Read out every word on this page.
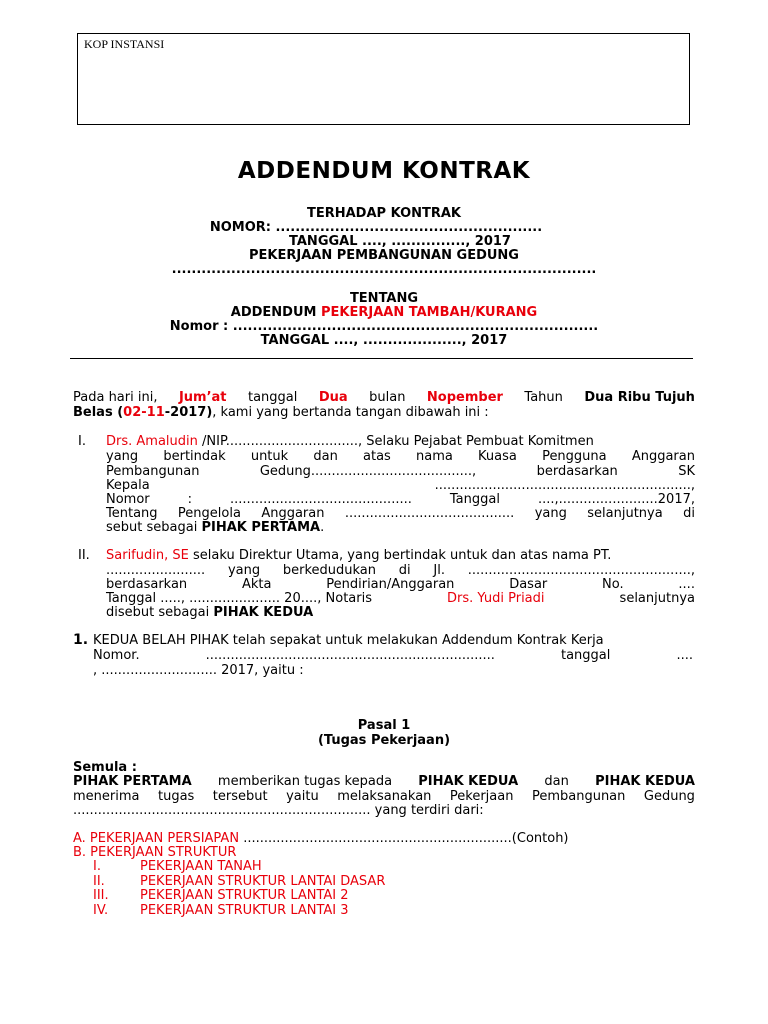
KOP INSTANSI
ADDENDUM KONTRAK
TERHADAP KONTRAK
NOMOR: ......................................................
TANGGAL ...., ..............., 2017
PEKERJAAN PEMBANGUNAN GEDUNG
......................................................................................
TENTANG
ADDENDUM PEKERJAAN TAMBAH/KURANG
Nomor : ..........................................................................
TANGGAL ...., ...................., 2017
Pada hari ini, Jum’at tanggal Dua bulan Nopember Tahun Dua Ribu Tujuh
Belas (02-11-2017), kami yang bertanda tangan dibawah ini :
I. Drs. Amaludin /NIP................................, Selaku Pejabat Pembuat Komitmen
yang bertindak untuk dan atas nama Kuasa Pengguna Anggaran
Pembangunan	Gedung.......................................,	berdasarkan	SK
Kepala	..............................................................,
Nomor	:	............................................	Tanggal	....,........................2017,
Tentang Pengelola Anggaran ......................................... yang selanjutnya di
sebut sebagai PIHAK PERTAMA.
II. Sarifudin, SE selaku Direktur Utama, yang bertindak untuk dan atas nama PT.
........................ yang berkedudukan di Jl. ......................................................,
berdasarkan	Akta	Pendirian/Anggaran	Dasar	No.	....
Tanggal ....., ...................... 20...., Notaris	Drs. Yudi Priadi	selanjutnya
disebut sebagai PIHAK KEDUA
1. KEDUA BELAH PIHAK telah sepakat untuk melakukan Addendum Kontrak Kerja
Nomor.	......................................................................	tanggal	....
, ............................ 2017, yaitu :
Pasal 1
(Tugas Pekerjaan)
Semula :
PIHAK PERTAMA memberikan tugas kepada PIHAK KEDUA dan PIHAK KEDUA
menerima tugas tersebut yaitu melaksanakan Pekerjaan Pembangunan Gedung
........................................................................ yang terdiri dari:
A. PEKERJAAN PERSIAPAN .................................................................(Contoh)
B. PEKERJAAN STRUKTUR
I.	PEKERJAAN TANAH
II.	PEKERJAAN STRUKTUR LANTAI DASAR
III. PEKERJAAN STRUKTUR LANTAI 2
IV. PEKERJAAN STRUKTUR LANTAI 3
